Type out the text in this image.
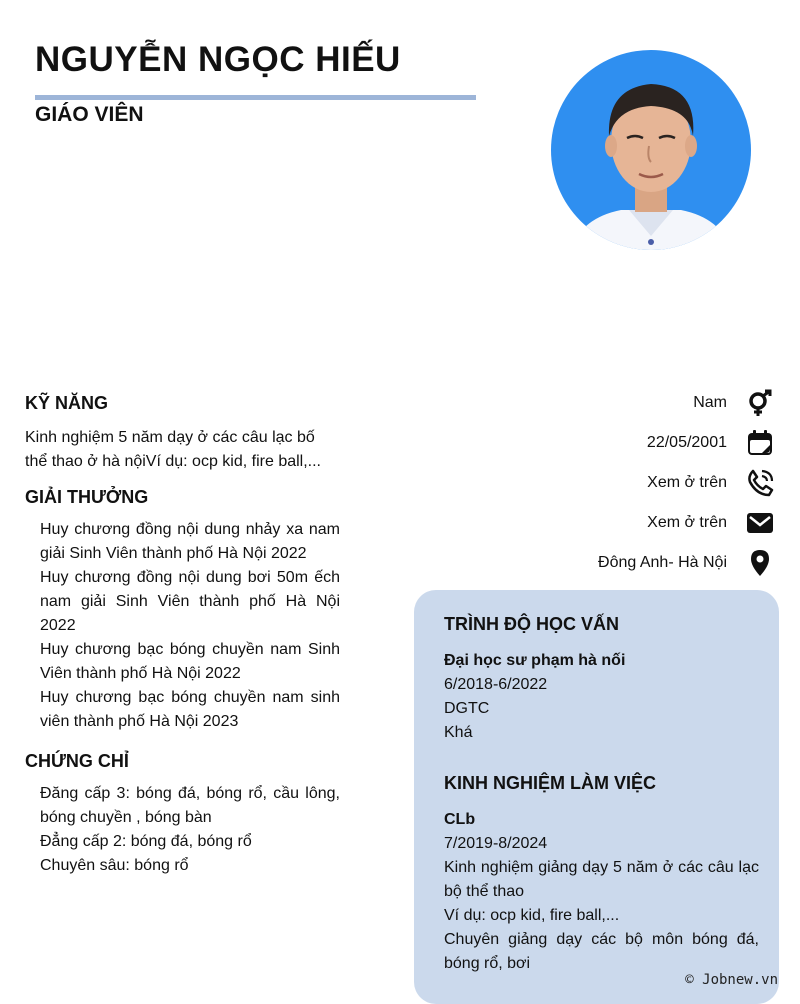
NGUYỄN NGỌC HIẾU
GIÁO VIÊN
KỸ NĂNG
Kinh nghiệm 5 năm dạy ở các câu lạc bố thể thao ở hà nộiVí dụ: ocp kid, fire ball,...
GIẢI THƯỞNG
Huy chương đồng nội dung nhảy xa nam giải Sinh Viên thành phố Hà Nội 2022
Huy chương đồng nội dung bơi 50m ếch nam giải Sinh Viên thành phố Hà Nội 2022
Huy chương bạc bóng chuyền nam Sinh Viên thành phố Hà Nội 2022
Huy chương bạc bóng chuyền nam sinh viên thành phố Hà Nội 2023
CHỨNG CHỈ
Đăng cấp 3: bóng đá, bóng rổ, cầu lông, bóng chuyền , bóng bàn
Đẳng cấp 2: bóng đá, bóng rổ
Chuyên sâu: bóng rổ
Nam
22/05/2001
Xem ở trên
Xem ở trên
Đông Anh- Hà Nội
TRÌNH ĐỘ HỌC VẤN
Đại học sư phạm hà nối
6/2018-6/2022
DGTC
Khá
KINH NGHIỆM LÀM VIỆC
CLb
7/2019-8/2024
Kinh nghiệm giảng dạy 5 năm ở các câu lạc bộ thể thao
Ví dụ: ocp kid, fire ball,...
Chuyên giảng dạy các bộ môn bóng đá, bóng rổ, bơi
© Jobnew.vn
